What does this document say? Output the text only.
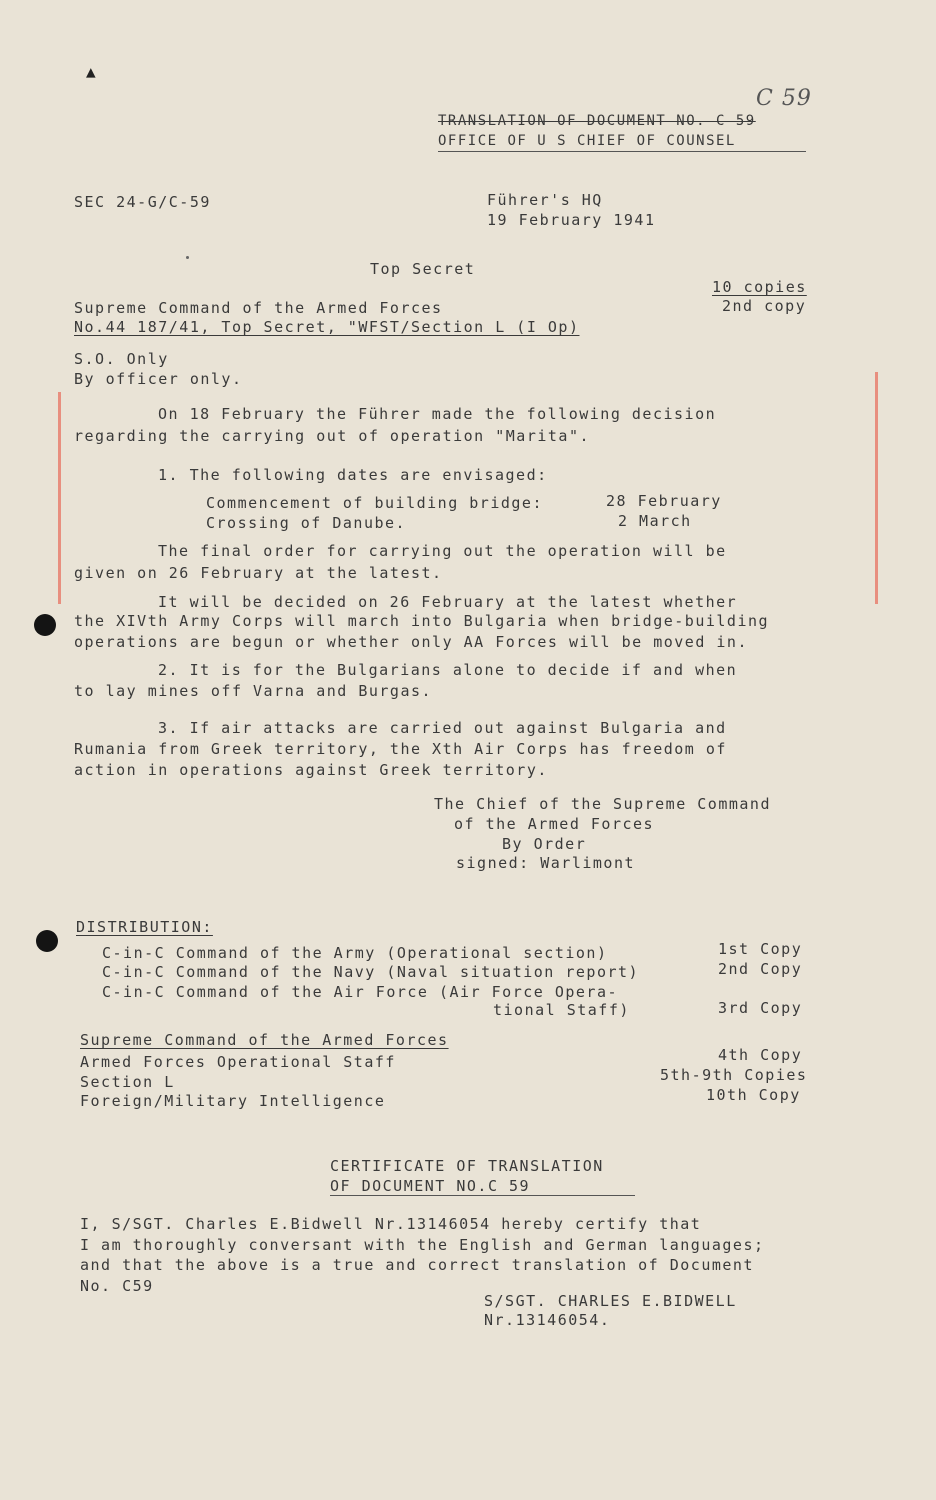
▲
C 59
TRANSLATION OF DOCUMENT NO. C 59
OFFICE OF U S CHIEF OF COUNSEL
SEC 24-G/C-59	Führer's HQ
19 February 1941
Top Secret
10 copies
2nd copy
Supreme Command of the Armed Forces
No.44 187/41, Top Secret, "WFST/Section L (I Op)
S.O. Only
By officer only.
On 18 February the Führer made the following decision
regarding the carrying out of operation "Marita".
1. The following dates are envisaged:
Commencement of building bridge:	28 February
Crossing of Danube.	2 March
The final order for carrying out the operation will be
given on 26 February at the latest.
It will be decided on 26 February at the latest whether
the XIVth Army Corps will march into Bulgaria when bridge-building
operations are begun or whether only AA Forces will be moved in.
2. It is for the Bulgarians alone to decide if and when
to lay mines off Varna and Burgas.
3. If air attacks are carried out against Bulgaria and
Rumania from Greek territory, the Xth Air Corps has freedom of
action in operations against Greek territory.
The Chief of the Supreme Command
of the Armed Forces
By Order
signed: Warlimont
DISTRIBUTION:
C-in-C Command of the Army (Operational section)	1st Copy
C-in-C Command of the Navy (Naval situation report)	2nd Copy
C-in-C Command of the Air Force (Air Force Opera-
tional Staff)	3rd Copy
Supreme Command of the Armed Forces
Armed Forces Operational Staff	4th Copy
Section L	5th-9th Copies
Foreign/Military Intelligence	10th Copy
CERTIFICATE OF TRANSLATION
OF DOCUMENT NO.C 59
I, S/SGT. Charles E.Bidwell Nr.13146054 hereby certify that
I am thoroughly conversant with the English and German languages;
and that the above is a true and correct translation of Document
No. C59
S/SGT. CHARLES E.BIDWELL
Nr.13146054.
